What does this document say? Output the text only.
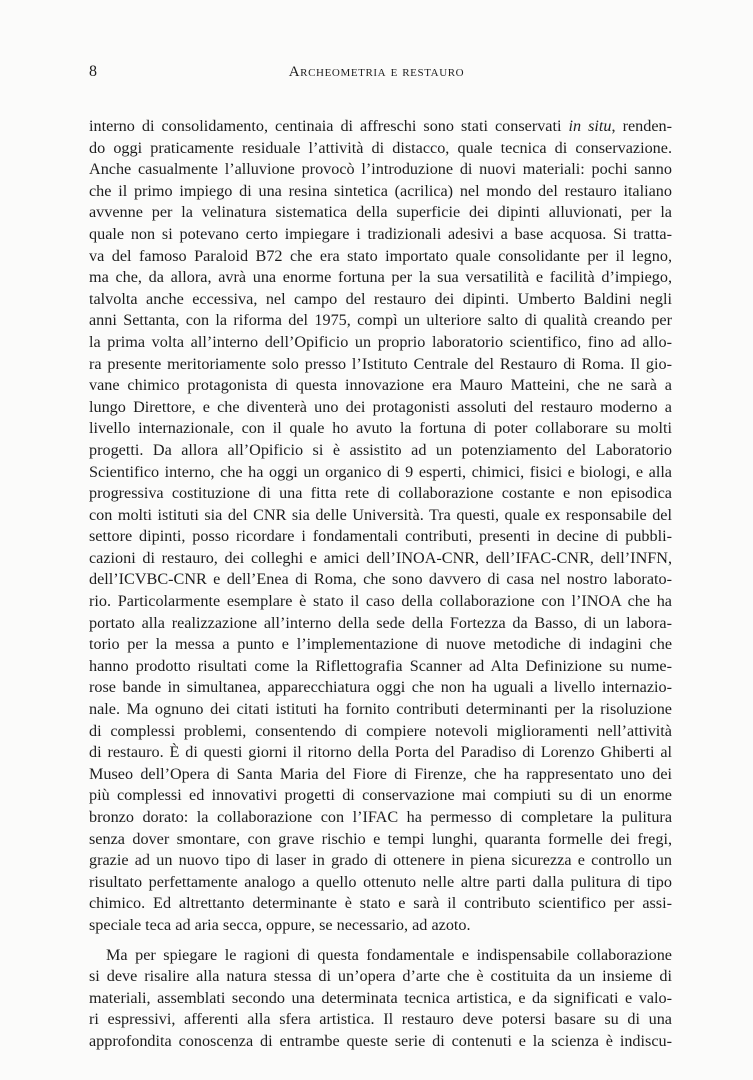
8	Archeometria e restauro
interno di consolidamento, centinaia di affreschi sono stati conservati in situ, renden-
do oggi praticamente residuale l’attività di distacco, quale tecnica di conservazione.
Anche casualmente l’alluvione provocò l’introduzione di nuovi materiali: pochi sanno
che il primo impiego di una resina sintetica (acrilica) nel mondo del restauro italiano
avvenne per la velinatura sistematica della superficie dei dipinti alluvionati, per la
quale non si potevano certo impiegare i tradizionali adesivi a base acquosa. Si tratta-
va del famoso Paraloid B72 che era stato importato quale consolidante per il legno,
ma che, da allora, avrà una enorme fortuna per la sua versatilità e facilità d’impiego,
talvolta anche eccessiva, nel campo del restauro dei dipinti. Umberto Baldini negli
anni Settanta, con la riforma del 1975, compì un ulteriore salto di qualità creando per
la prima volta all’interno dell’Opificio un proprio laboratorio scientifico, fino ad allo-
ra presente meritoriamente solo presso l’Istituto Centrale del Restauro di Roma. Il gio-
vane chimico protagonista di questa innovazione era Mauro Matteini, che ne sarà a
lungo Direttore, e che diventerà uno dei protagonisti assoluti del restauro moderno a
livello internazionale, con il quale ho avuto la fortuna di poter collaborare su molti
progetti. Da allora all’Opificio si è assistito ad un potenziamento del Laboratorio
Scientifico interno, che ha oggi un organico di 9 esperti, chimici, fisici e biologi, e alla
progressiva costituzione di una fitta rete di collaborazione costante e non episodica
con molti istituti sia del CNR sia delle Università. Tra questi, quale ex responsabile del
settore dipinti, posso ricordare i fondamentali contributi, presenti in decine di pubbli-
cazioni di restauro, dei colleghi e amici dell’INOA-CNR, dell’IFAC-CNR, dell’INFN,
dell’ICVBC-CNR e dell’Enea di Roma, che sono davvero di casa nel nostro laborato-
rio. Particolarmente esemplare è stato il caso della collaborazione con l’INOA che ha
portato alla realizzazione all’interno della sede della Fortezza da Basso, di un labora-
torio per la messa a punto e l’implementazione di nuove metodiche di indagini che
hanno prodotto risultati come la Riflettografia Scanner ad Alta Definizione su nume-
rose bande in simultanea, apparecchiatura oggi che non ha uguali a livello internazio-
nale. Ma ognuno dei citati istituti ha fornito contributi determinanti per la risoluzione
di complessi problemi, consentendo di compiere notevoli miglioramenti nell’attività
di restauro. È di questi giorni il ritorno della Porta del Paradiso di Lorenzo Ghiberti al
Museo dell’Opera di Santa Maria del Fiore di Firenze, che ha rappresentato uno dei
più complessi ed innovativi progetti di conservazione mai compiuti su di un enorme
bronzo dorato: la collaborazione con l’IFAC ha permesso di completare la pulitura
senza dover smontare, con grave rischio e tempi lunghi, quaranta formelle dei fregi,
grazie ad un nuovo tipo di laser in grado di ottenere in piena sicurezza e controllo un
risultato perfettamente analogo a quello ottenuto nelle altre parti dalla pulitura di tipo
chimico. Ed altrettanto determinante è stato e sarà il contributo scientifico per assi-
speciale teca ad aria secca, oppure, se necessario, ad azoto.
Ma per spiegare le ragioni di questa fondamentale e indispensabile collaborazione
si deve risalire alla natura stessa di un’opera d’arte che è costituita da un insieme di
materiali, assemblati secondo una determinata tecnica artistica, e da significati e valo-
ri espressivi, afferenti alla sfera artistica. Il restauro deve potersi basare su di una
approfondita conoscenza di entrambe queste serie di contenuti e la scienza è indiscu-
